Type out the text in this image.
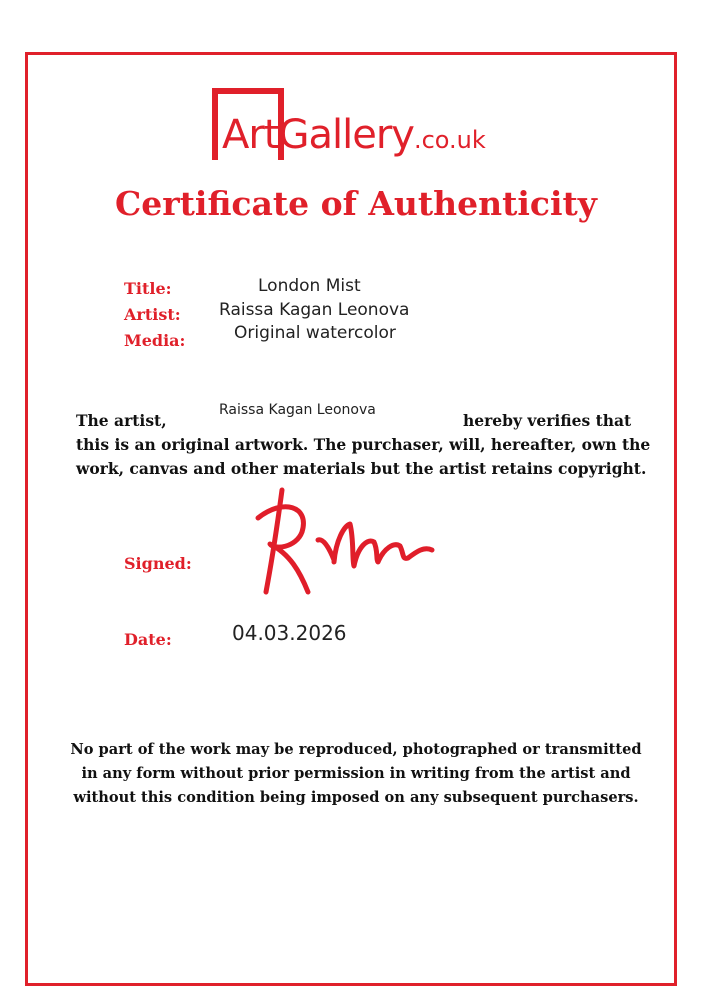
ArtGallery.co.uk
Certificate of Authenticity
Title:	London Mist
Artist: Raissa Kagan Leonova
Media:	Original watercolor
The artist,
Raissa Kagan Leonova
hereby verifies that
this is an original artwork. The purchaser, will, hereafter, own the
work, canvas and other materials but the artist retains copyright.
Signed:
Date:	04.03.2026
No part of the work may be reproduced, photographed or transmitted
in any form without prior permission in writing from the artist and
without this condition being imposed on any subsequent purchasers.
